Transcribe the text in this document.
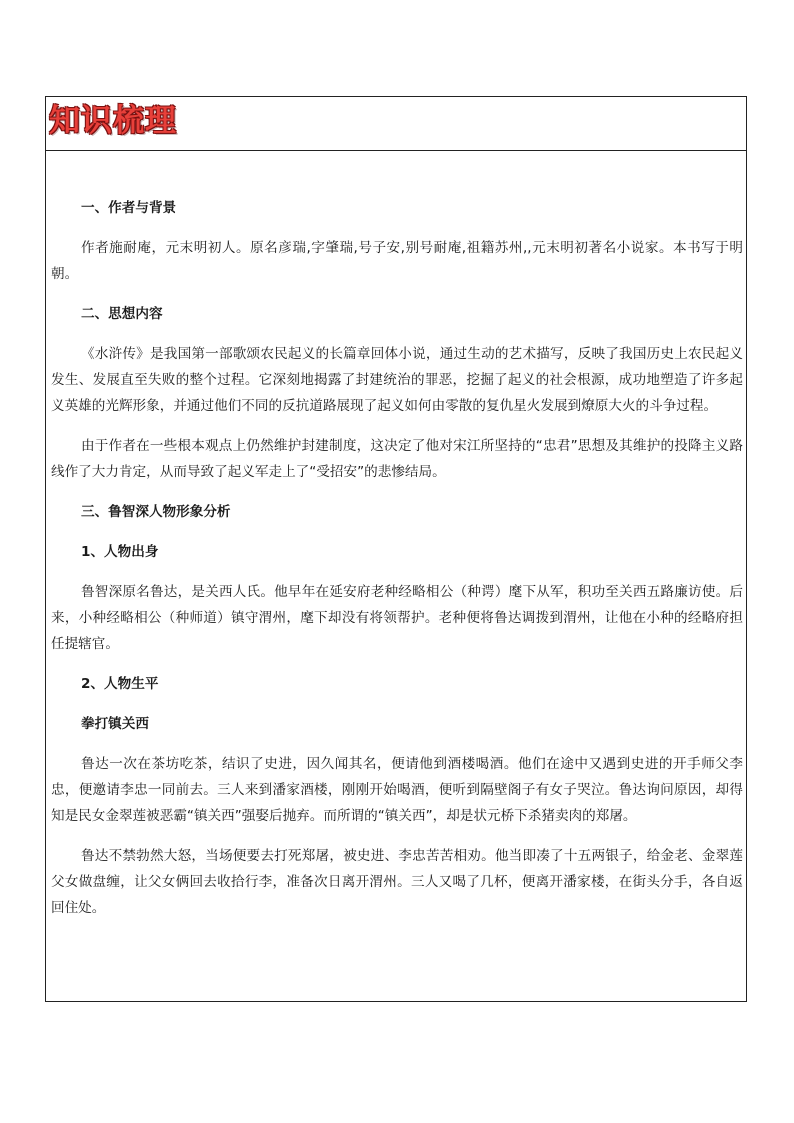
知识梳理
一、作者与背景

作者施耐庵，元末明初人。原名彦瑞,字肇瑞,号子安,别号耐庵,祖籍苏州,,元末明初著名小说家。本书写于明朝。

二、思想内容

《水浒传》是我国第一部歌颂农民起义的长篇章回体小说，通过生动的艺术描写，反映了我国历史上农民起义发生、发展直至失败的整个过程。它深刻地揭露了封建统治的罪恶，挖掘了起义的社会根源，成功地塑造了许多起义英雄的光辉形象，并通过他们不同的反抗道路展现了起义如何由零散的复仇星火发展到燎原大火的斗争过程。

由于作者在一些根本观点上仍然维护封建制度，这决定了他对宋江所坚持的“忠君”思想及其维护的投降主义路线作了大力肯定，从而导致了起义军走上了“受招安”的悲惨结局。

三、鲁智深人物形象分析
1、人物出身

鲁智深原名鲁达，是关西人氏。他早年在延安府老种经略相公（种谔）麾下从军，积功至关西五路廉访使。后来，小种经略相公（种师道）镇守渭州，麾下却没有将领帮护。老种便将鲁达调拨到渭州，让他在小种的经略府担任提辖官。

2、人物生平
拳打镇关西

鲁达一次在茶坊吃茶，结识了史进，因久闻其名，便请他到酒楼喝酒。他们在途中又遇到史进的开手师父李忠，便邀请李忠一同前去。三人来到潘家酒楼，刚刚开始喝酒，便听到隔壁阁子有女子哭泣。鲁达询问原因，却得知是民女金翠莲被恶霸“镇关西”强娶后抛弃。而所谓的“镇关西”，却是状元桥下杀猪卖肉的郑屠。

鲁达不禁勃然大怒，当场便要去打死郑屠，被史进、李忠苦苦相劝。他当即凑了十五两银子，给金老、金翠莲父女做盘缠，让父女俩回去收拾行李，准备次日离开渭州。三人又喝了几杯，便离开潘家楼，在街头分手，各自返回住处。
